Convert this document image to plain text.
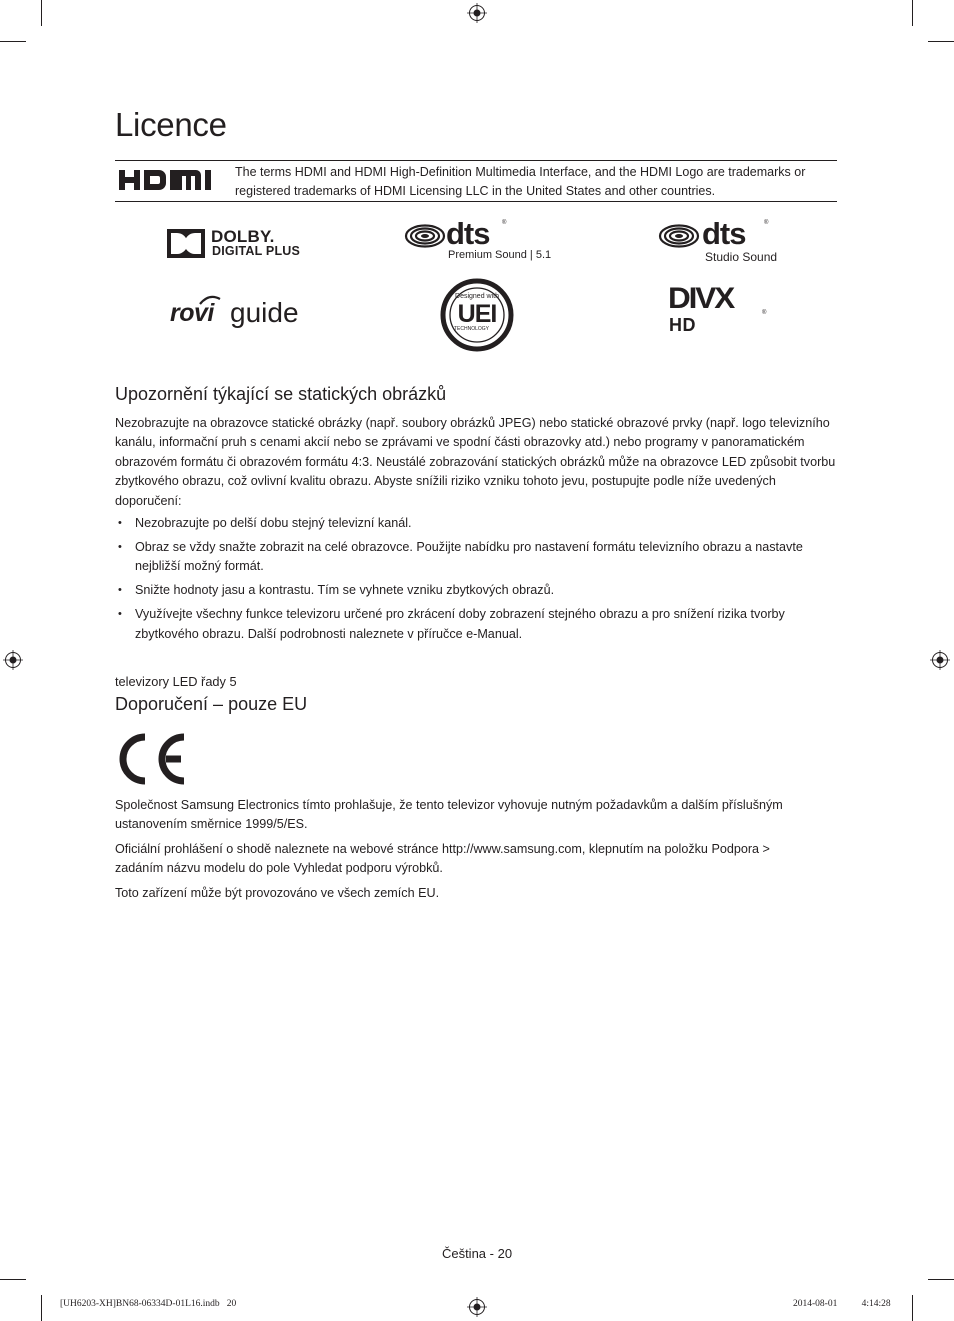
Licence
The terms HDMI and HDMI High-Definition Multimedia Interface, and the HDMI Logo are trademarks or registered trademarks of HDMI Licensing LLC in the United States and other countries.
DOLBY.
DIGITAL PLUS	dts ®
Premium Sound | 5.1
dts	®
Studio Sound
rovi guide
Designed with
UEI
TECHNOLOGY
DIVX	®
HD
Upozornění týkající se statických obrázků
Nezobrazujte na obrazovce statické obrázky (např. soubory obrázků JPEG) nebo statické obrazové prvky (např. logo televizního kanálu, informační pruh s cenami akcií nebo se zprávami ve spodní části obrazovky atd.) nebo programy v panoramatickém obrazovém formátu či obrazovém formátu 4:3. Neustálé zobrazování statických obrázků může na obrazovce LED způsobit tvorbu zbytkového obrazu, což ovlivní kvalitu obrazu. Abyste snížili riziko vzniku tohoto jevu, postupujte podle níže uvedených doporučení:
• Nezobrazujte po delší dobu stejný televizní kanál.
• Obraz se vždy snažte zobrazit na celé obrazovce. Použijte nabídku pro nastavení formátu televizního obrazu a nastavte nejbližší možný formát.
• Snižte hodnoty jasu a kontrastu. Tím se vyhnete vzniku zbytkových obrazů.
• Využívejte všechny funkce televizoru určené pro zkrácení doby zobrazení stejného obrazu a pro snížení rizika tvorby zbytkového obrazu. Další podrobnosti naleznete v příručce e-Manual.
televizory LED řady 5
Doporučení – pouze EU
Společnost Samsung Electronics tímto prohlašuje, že tento televizor vyhovuje nutným požadavkům a dalším příslušným ustanovením směrnice 1999/5/ES.
Oficiální prohlášení o shodě naleznete na webové stránce http://www.samsung.com, klepnutím na položku Podpora > zadáním názvu modelu do pole Vyhledat podporu výrobků.
Toto zařízení může být provozováno ve všech zemích EU.
Čeština - 20
[UH6203-XH]BN68-06334D-01L16.indb   20	2014-08-01   ￿￿ 4:14:28
